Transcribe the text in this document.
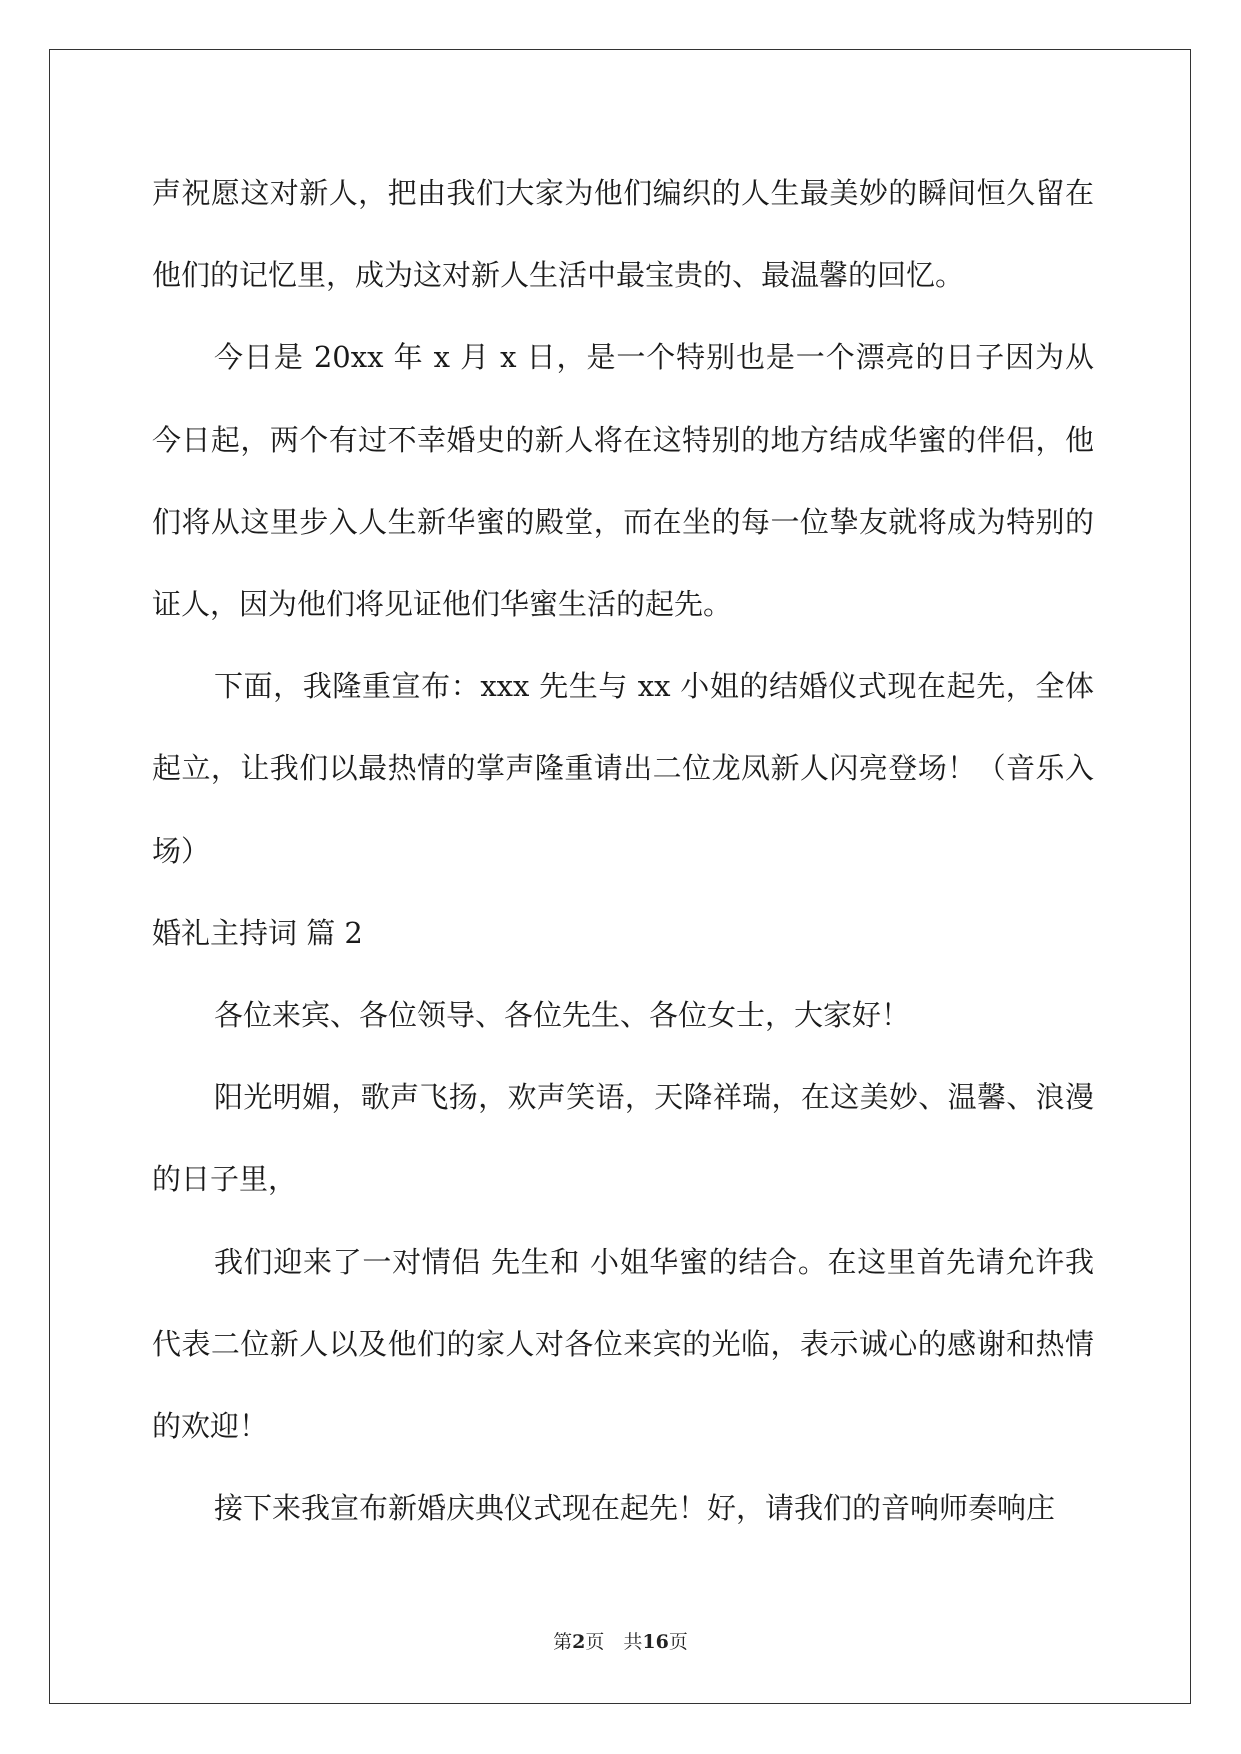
声祝愿这对新人，把由我们大家为他们编织的人生最美妙的瞬间恒久留在他们的记忆里，成为这对新人生活中最宝贵的、最温馨的回忆。

今日是 20xx 年 x 月 x 日，是一个特别也是一个漂亮的日子因为从今日起，两个有过不幸婚史的新人将在这特别的地方结成华蜜的伴侣，他们将从这里步入人生新华蜜的殿堂，而在坐的每一位挚友就将成为特别的证人，因为他们将见证他们华蜜生活的起先。

下面，我隆重宣布：xxx 先生与 xx 小姐的结婚仪式现在起先，全体起立，让我们以最热情的掌声隆重请出二位龙凤新人闪亮登场！（音乐入场）

婚礼主持词 篇 2

各位来宾、各位领导、各位先生、各位女士，大家好！

阳光明媚，歌声飞扬，欢声笑语，天降祥瑞，在这美妙、温馨、浪漫的日子里，

我们迎来了一对情侣 先生和 小姐华蜜的结合。在这里首先请允许我代表二位新人以及他们的家人对各位来宾的光临，表示诚心的感谢和热情的欢迎！

接下来我宣布新婚庆典仪式现在起先！好，请我们的音响师奏响庄

第2页　共16页
